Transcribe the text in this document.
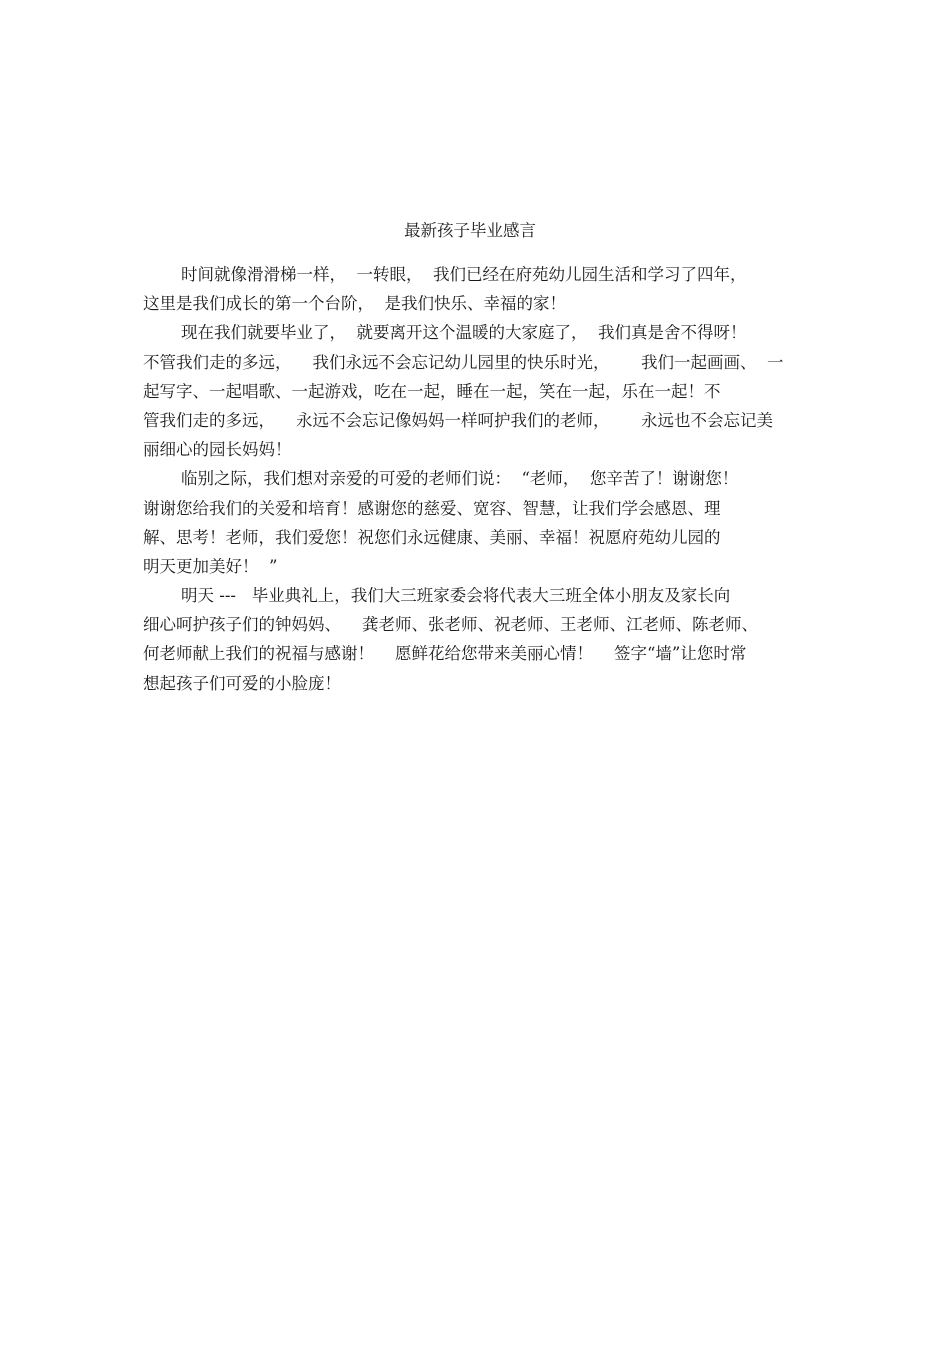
最新孩子毕业感言
时间就像滑滑梯一样，  一转眼，  我们已经在府苑幼儿园生活和学习了四年，
这里是我们成长的第一个台阶，  是我们快乐、幸福的家！
现在我们就要毕业了，  就要离开这个温暖的大家庭了，  我们真是舍不得呀！
不管我们走的多远，    我们永远不会忘记幼儿园里的快乐时光，      我们一起画画、  一
起写字、一起唱歌、一起游戏，吃在一起，睡在一起，笑在一起，乐在一起！不
管我们走的多远，    永远不会忘记像妈妈一样呵护我们的老师，      永远也不会忘记美
丽细心的园长妈妈！
临别之际，我们想对亲爱的可爱的老师们说：  “老师，  您辛苦了！谢谢您！
谢谢您给我们的关爱和培育！感谢您的慈爱、宽容、智慧，让我们学会感恩、理
解、思考！老师，我们爱您！祝您们永远健康、美丽、幸福！祝愿府苑幼儿园的
明天更加美好！  ”
明天 ---   毕业典礼上，我们大三班家委会将代表大三班全体小朋友及家长向
细心呵护孩子们的钟妈妈、    龚老师、张老师、祝老师、王老师、江老师、陈老师、
何老师献上我们的祝福与感谢！    愿鲜花给您带来美丽心情！    签字“墙”让您时常
想起孩子们可爱的小脸庞！
